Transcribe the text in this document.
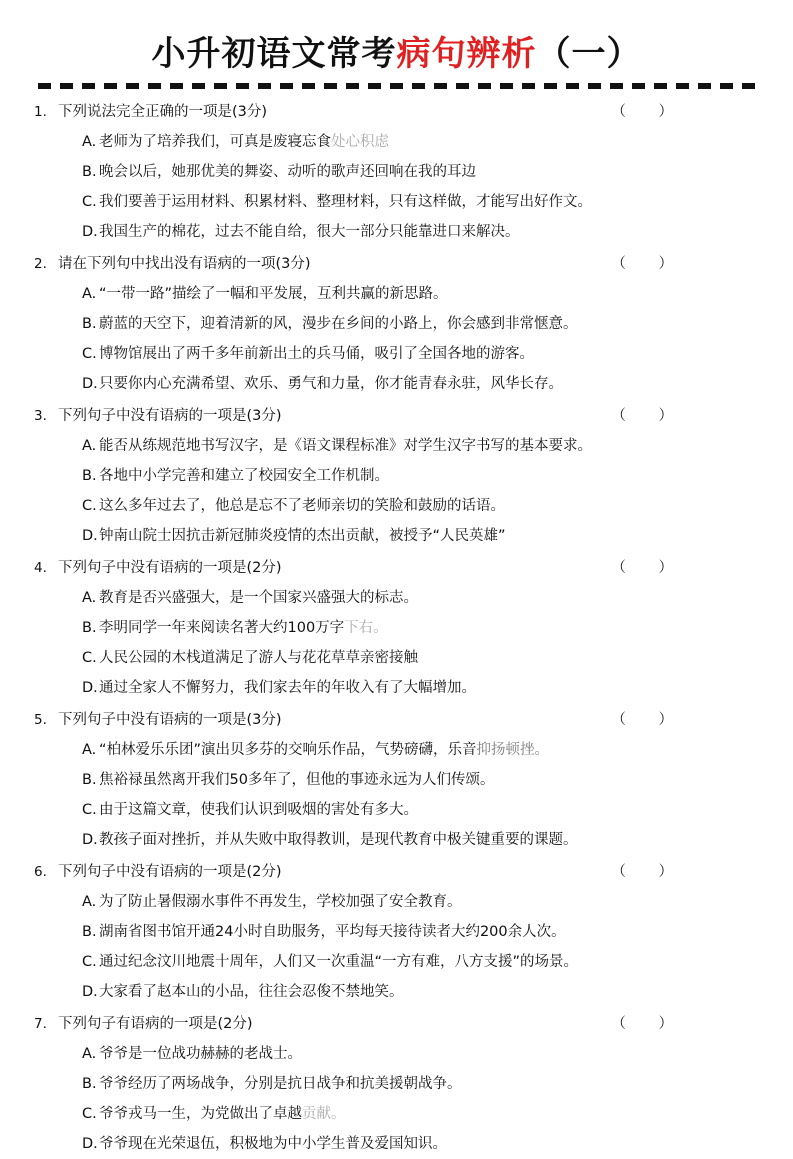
小升初语文常考病句辨析（一）
1. 下列说法完全正确的一项是(3分)	（ ）
A. 老师为了培养我们，可真是废寝忘食处心积虑
B. 晚会以后，她那优美的舞姿、动听的歌声还回响在我的耳边
C. 我们要善于运用材料、积累材料、整理材料，只有这样做，才能写出好作文。
D.我国生产的棉花，过去不能自给，很大一部分只能靠进口来解决。
2. 请在下列句中找出没有语病的一项(3分)	（ ）
A. “一带一路”描绘了一幅和平发展，互利共赢的新思路。
B. 蔚蓝的天空下，迎着清新的风，漫步在乡间的小路上，你会感到非常惬意。
C. 博物馆展出了两千多年前新出土的兵马俑，吸引了全国各地的游客。
D.只要你内心充满希望、欢乐、勇气和力量，你才能青春永驻，风华长存。
3. 下列句子中没有语病的一项是(3分)	（ ）
A. 能否从练规范地书写汉字，是《语文课程标准》对学生汉字书写的基本要求。
B. 各地中小学完善和建立了校园安全工作机制。
C. 这么多年过去了，他总是忘不了老师亲切的笑脸和鼓励的话语。
D.钟南山院士因抗击新冠肺炎疫情的杰出贡献，被授予“人民英雄”
4. 下列句子中没有语病的一项是(2分)	（ ）
A. 教育是否兴盛强大，是一个国家兴盛强大的标志。
B. 李明同学一年来阅读名著大约100万字下右。
C. 人民公园的木栈道满足了游人与花花草草亲密接触
D.通过全家人不懈努力，我们家去年的年收入有了大幅增加。
5. 下列句子中没有语病的一项是(3分)	（ ）
A. “柏林爱乐乐团”演出贝多芬的交响乐作品，气势磅礴，乐音抑扬顿挫。
B. 焦裕禄虽然离开我们50多年了，但他的事迹永远为人们传颂。
C. 由于这篇文章，使我们认识到吸烟的害处有多大。
D.教孩子面对挫折，并从失败中取得教训，是现代教育中极关键重要的课题。
6. 下列句子中没有语病的一项是(2分)	（ ）
A. 为了防止暑假溺水事件不再发生，学校加强了安全教育。
B. 湖南省图书馆开通24小时自助服务，平均每天接待读者大约200余人次。
C. 通过纪念汶川地震十周年，人们又一次重温“一方有难，八方支援”的场景。
D.大家看了赵本山的小品，往往会忍俊不禁地笑。
7. 下列句子有语病的一项是(2分)	（ ）
A. 爷爷是一位战功赫赫的老战士。
B. 爷爷经历了两场战争，分别是抗日战争和抗美援朝战争。
C. 爷爷戎马一生，为党做出了卓越贡献。
D.爷爷现在光荣退伍，积极地为中小学生普及爱国知识。
